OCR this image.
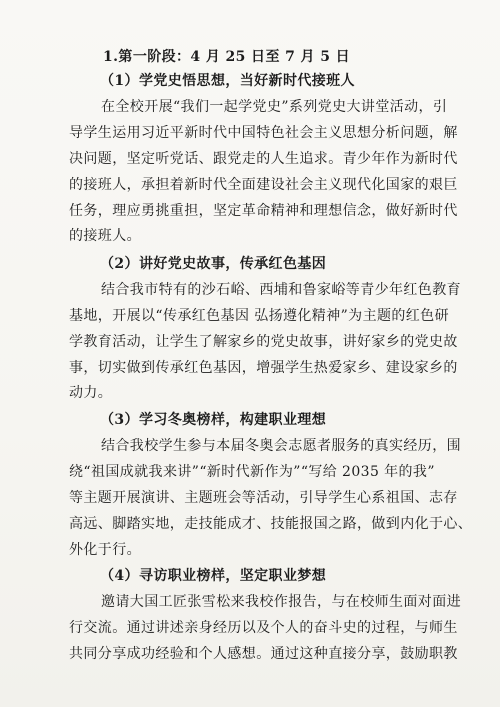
1.第一阶段：4 月 25 日至 7 月 5 日
（1）学党史悟思想，当好新时代接班人
在全校开展“我们一起学党史”系列党史大讲堂活动，引
导学生运用习近平新时代中国特色社会主义思想分析问题，解
决问题，坚定听党话、跟党走的人生追求。青少年作为新时代
的接班人，承担着新时代全面建设社会主义现代化国家的艰巨
任务，理应勇挑重担，坚定革命精神和理想信念，做好新时代
的接班人。
（2）讲好党史故事，传承红色基因
结合我市特有的沙石峪、西埔和鲁家峪等青少年红色教育
基地，开展以“传承红色基因 弘扬遵化精神”为主题的红色研
学教育活动，让学生了解家乡的党史故事，讲好家乡的党史故
事，切实做到传承红色基因，增强学生热爱家乡、建设家乡的
动力。
（3）学习冬奥榜样，构建职业理想
结合我校学生参与本届冬奥会志愿者服务的真实经历，围
绕“祖国成就我来讲”“新时代新作为”“写给 2035 年的我”
等主题开展演讲、主题班会等活动，引导学生心系祖国、志存
高远、脚踏实地，走技能成才、技能报国之路，做到内化于心、
外化于行。
（4）寻访职业榜样，坚定职业梦想
邀请大国工匠张雪松来我校作报告，与在校师生面对面进
行交流。通过讲述亲身经历以及个人的奋斗史的过程，与师生
共同分享成功经验和个人感想。通过这种直接分享，鼓励职教
